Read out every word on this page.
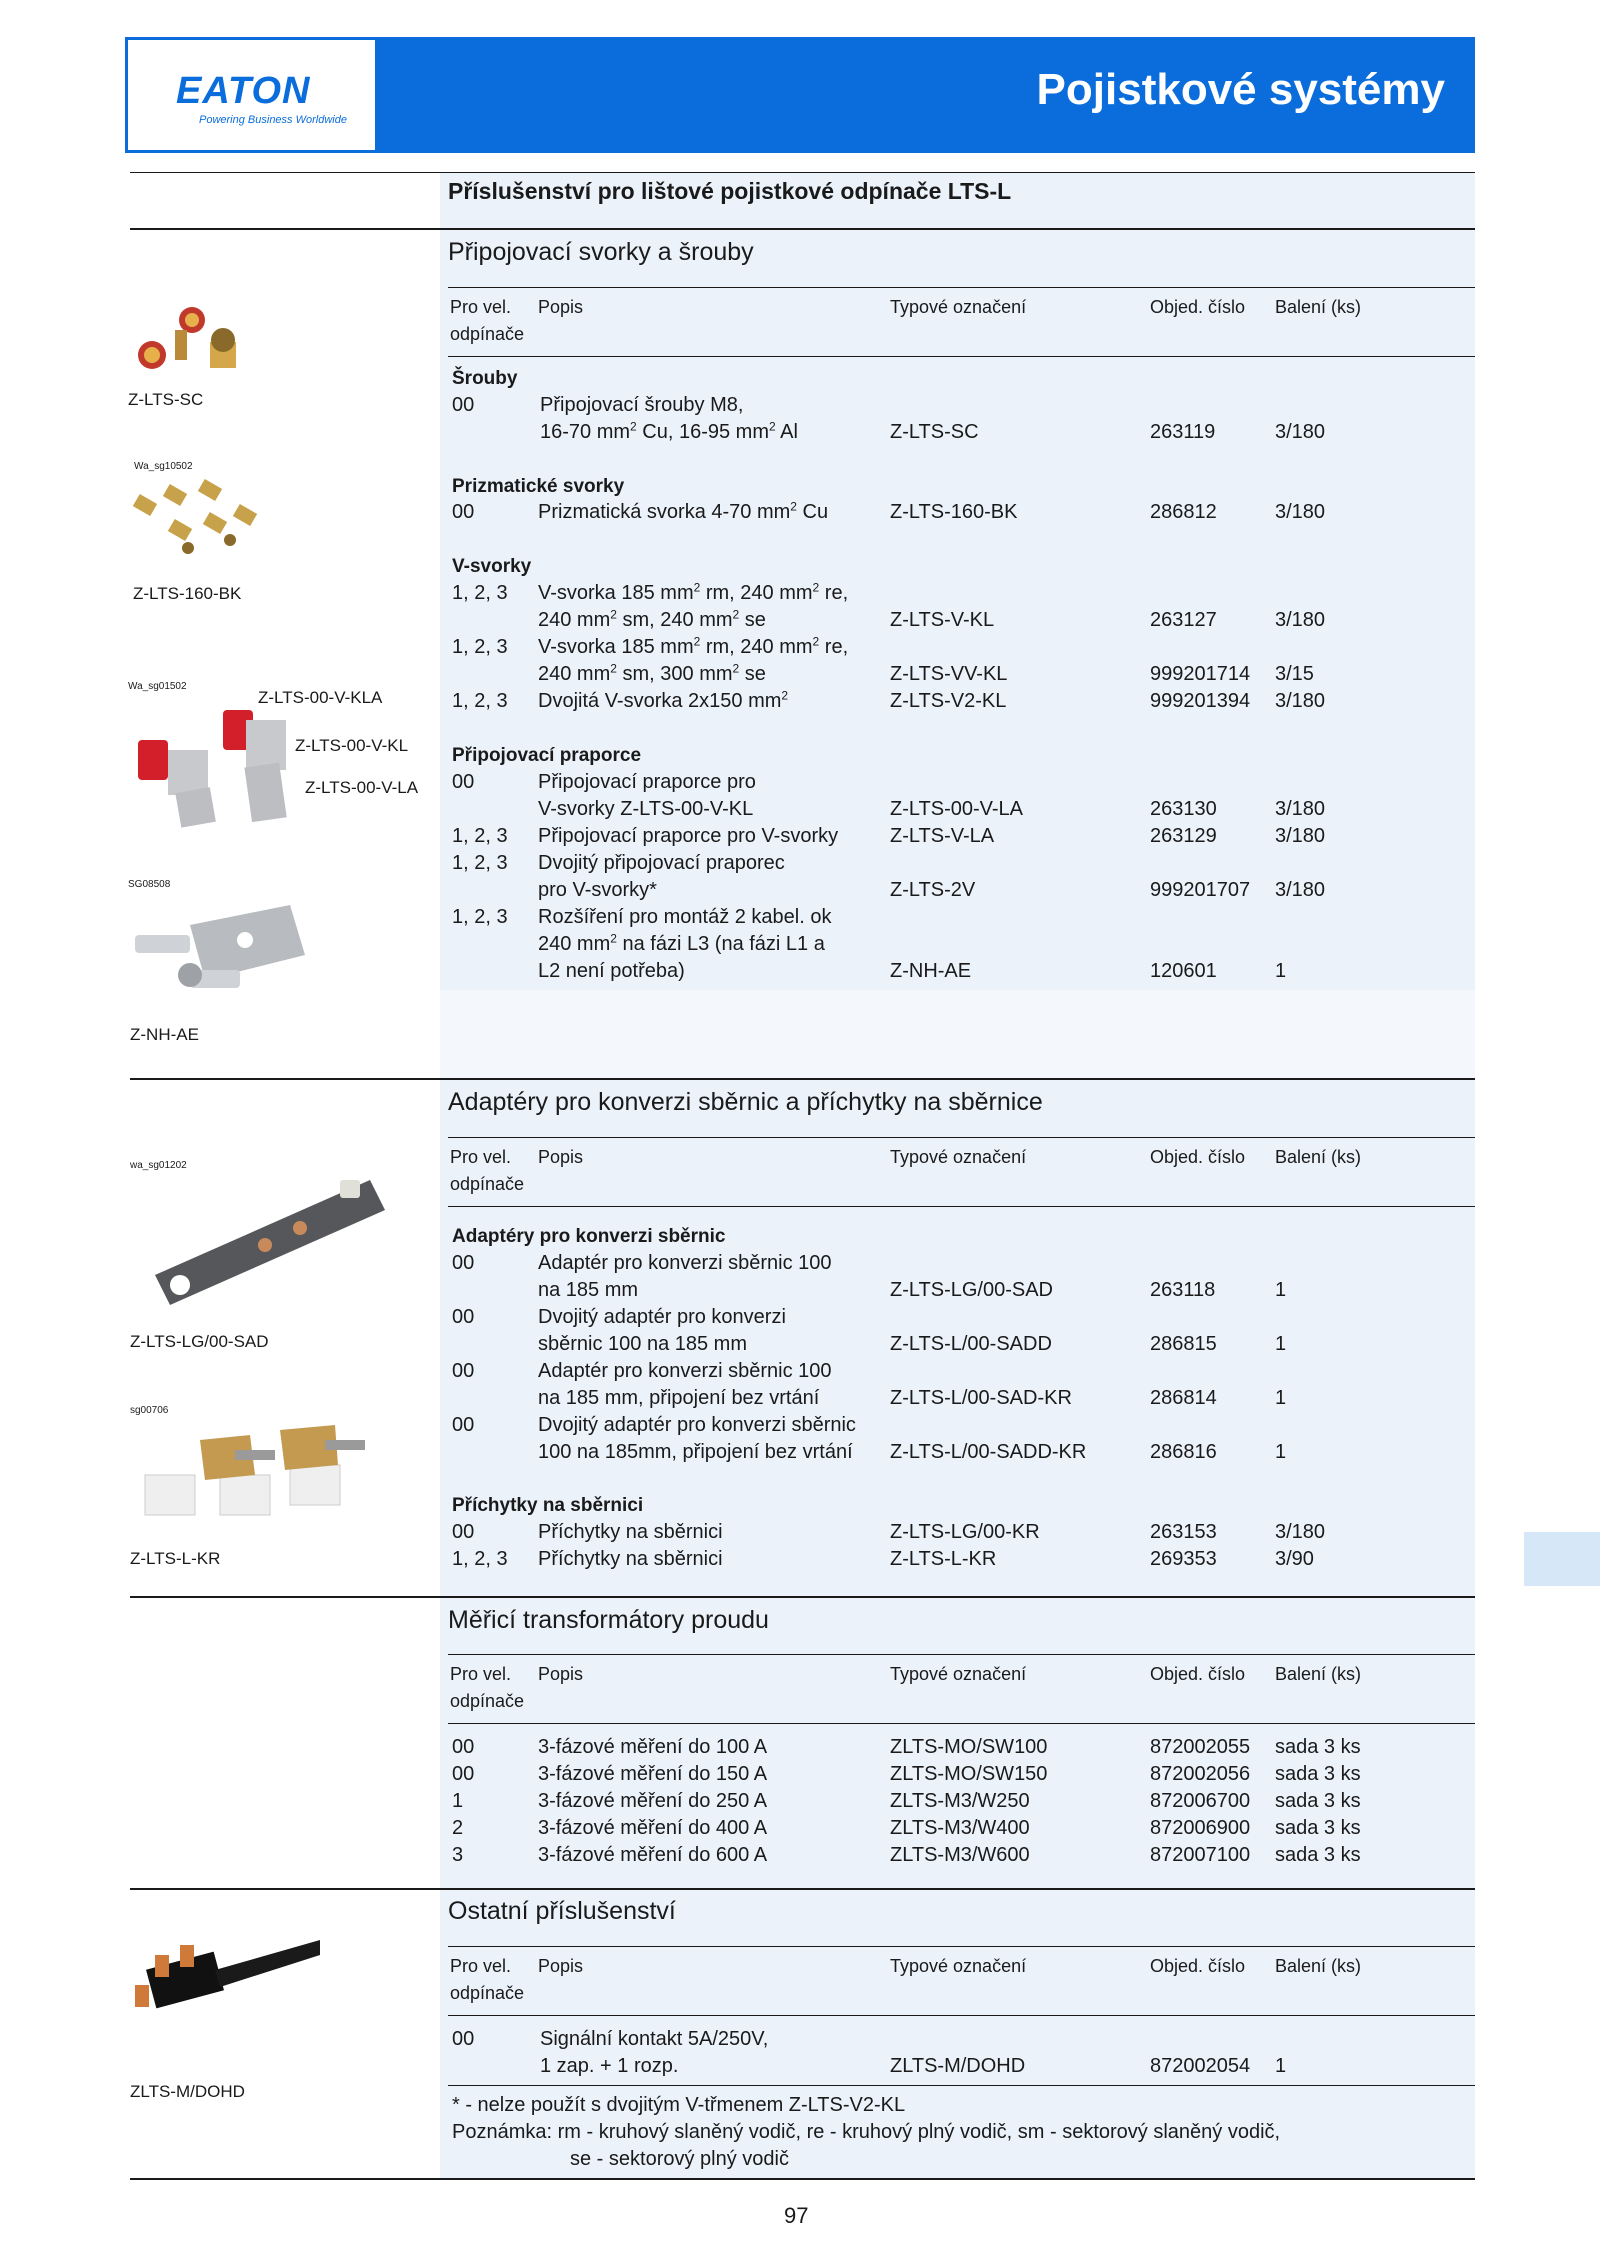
EATON
Powering Business Worldwide
Pojistkové systémy
Příslušenství pro lištové pojistkové odpínače LTS-L
Připojovací svorky a šrouby
Adaptéry pro konverzi sběrnic a příchytky na sběrnice
Měřicí transformátory proudu
Ostatní příslušenství
Pro vel.
odpínače
Popis	Typové označení	Objed. číslo Balení (ks)
Pro vel.
odpínače
Popis	Typové označení	Objed. číslo Balení (ks)
Pro vel.
odpínače
Popis	Typové označení	Objed. číslo Balení (ks)
Pro vel.
odpínače
Popis	Typové označení	Objed. číslo Balení (ks)
Šrouby
00	Připojovací šrouby M8,
16-70 $mm^2$ Cu, 16-95 $mm^2$ Al	Z-LTS-SC	263119	3/180
Prizmatické svorky
00	Prizmatická svorka 4-70 $mm^2$ Cu	Z-LTS-160-BK	286812	3/180
V-svorky
1, 2, 3 V-svorka 185 $mm^2$ rm, 240 $mm^2$ re,
240 $mm^2$ sm, 240 $mm^2$ se	Z-LTS-V-KL	263127	3/180
1, 2, 3 V-svorka 185 $mm^2$ rm, 240 $mm^2$ re,
240 $mm^2$ sm, 300 $mm^2$ se	Z-LTS-VV-KL	999201714 3/15
1, 2, 3 Dvojitá V-svorka 2x150 $mm^2$	Z-LTS-V2-KL	999201394 3/180
Připojovací praporce
00	Připojovací praporce pro
V-svorky Z-LTS-00-V-KL	Z-LTS-00-V-LA	263130	3/180
1, 2, 3 Připojovací praporce pro V-svorky	Z-LTS-V-LA	263129	3/180
1, 2, 3 Dvojitý připojovací praporec
pro V-svorky*	Z-LTS-2V	999201707 3/180
1, 2, 3 Rozšíření pro montáž 2 kabel. ok
240 $mm^2$ na fázi L3 (na fázi L1 a
L2 není potřeba)	Z-NH-AE	120601	1
Adaptéry pro konverzi sběrnic
00	Adaptér pro konverzi sběrnic 100
na 185 mm	Z-LTS-LG/00-SAD	263118	1
00	Dvojitý adaptér pro konverzi
sběrnic 100 na 185 mm	Z-LTS-L/00-SADD	286815	1
00	Adaptér pro konverzi sběrnic 100
na 185 mm, připojení bez vrtání	Z-LTS-L/00-SAD-KR	286814	1
00	Dvojitý adaptér pro konverzi sběrnic
100 na 185mm, připojení bez vrtání Z-LTS-L/00-SADD-KR	286816	1
Příchytky na sběrnici
00	Příchytky na sběrnici	Z-LTS-LG/00-KR	263153	3/180
1, 2, 3 Příchytky na sběrnici	Z-LTS-L-KR	269353	3/90
00	3-fázové měření do 100 A	ZLTS-MO/SW100	872002055 sada 3 ks
00	3-fázové měření do 150 A	ZLTS-MO/SW150	872002056 sada 3 ks
1	3-fázové měření do 250 A	ZLTS-M3/W250	872006700 sada 3 ks
2	3-fázové měření do 400 A	ZLTS-M3/W400	872006900 sada 3 ks
3	3-fázové měření do 600 A	ZLTS-M3/W600	872007100 sada 3 ks
00	Signální kontakt 5A/250V,
1 zap. + 1 rozp.	ZLTS-M/DOHD	872002054 1
* - nelze použít s dvojitým V-třmenem Z-LTS-V2-KL
Poznámka: rm - kruhový slaněný vodič, re - kruhový plný vodič, sm - sektorový slaněný vodič,
se - sektorový plný vodič
Z-LTS-SC
Wa_sg10502
Z-LTS-160-BK
Wa_sg01502
Z-LTS-00-V-KLA
Z-LTS-00-V-KL
Z-LTS-00-V-LA
SG08508
Z-NH-AE
wa_sg01202
Z-LTS-LG/00-SAD
sg00706
Z-LTS-L-KR
ZLTS-M/DOHD
97
